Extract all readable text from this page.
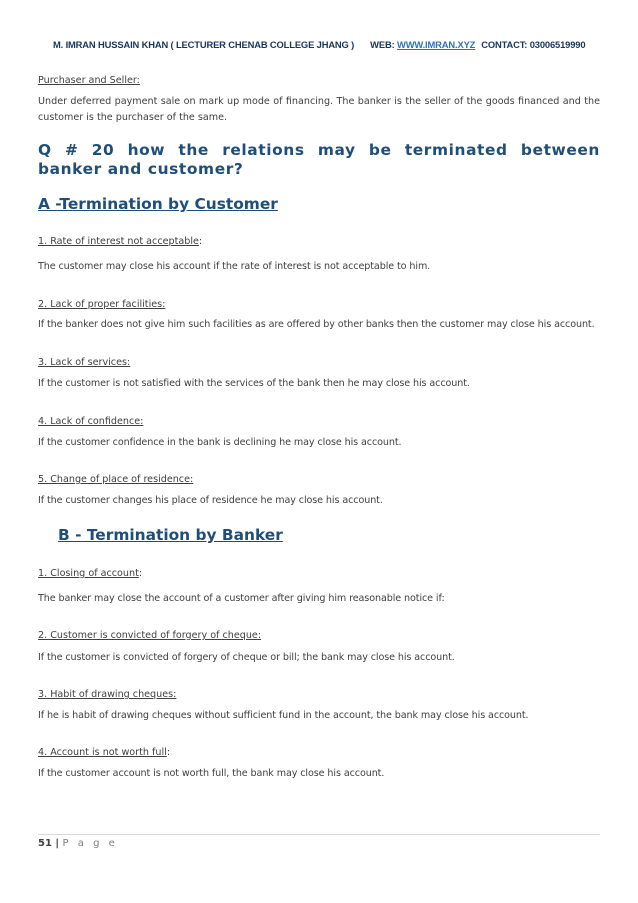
M. IMRAN HUSSAIN KHAN ( LECTURER CHENAB COLLEGE JHANG ) WEB: WWW.IMRAN.XYZ CONTACT: 03006519990
Purchaser and Seller:
Under deferred payment sale on mark up mode of financing. The banker is the seller of the goods financed and the customer is the purchaser of the same.
Q # 20 how the relations may be terminated between banker and customer?
A -Termination by Customer
1. Rate of interest not acceptable:
The customer may close his account if the rate of interest is not acceptable to him.
2. Lack of proper facilities:
If the banker does not give him such facilities as are offered by other banks then the customer may close his account.
3. Lack of services:
If the customer is not satisfied with the services of the bank then he may close his account.
4. Lack of confidence:
If the customer confidence in the bank is declining he may close his account.
5. Change of place of residence:
If the customer changes his place of residence he may close his account.
B - Termination by Banker
1. Closing of account:
The banker may close the account of a customer after giving him reasonable notice if:
2. Customer is convicted of forgery of cheque:
If the customer is convicted of forgery of cheque or bill; the bank may close his account.
3. Habit of drawing cheques:
If he is habit of drawing cheques without sufficient fund in the account, the bank may close his account.
4. Account is not worth full:
If the customer account is not worth full, the bank may close his account.
51 | P a g e
